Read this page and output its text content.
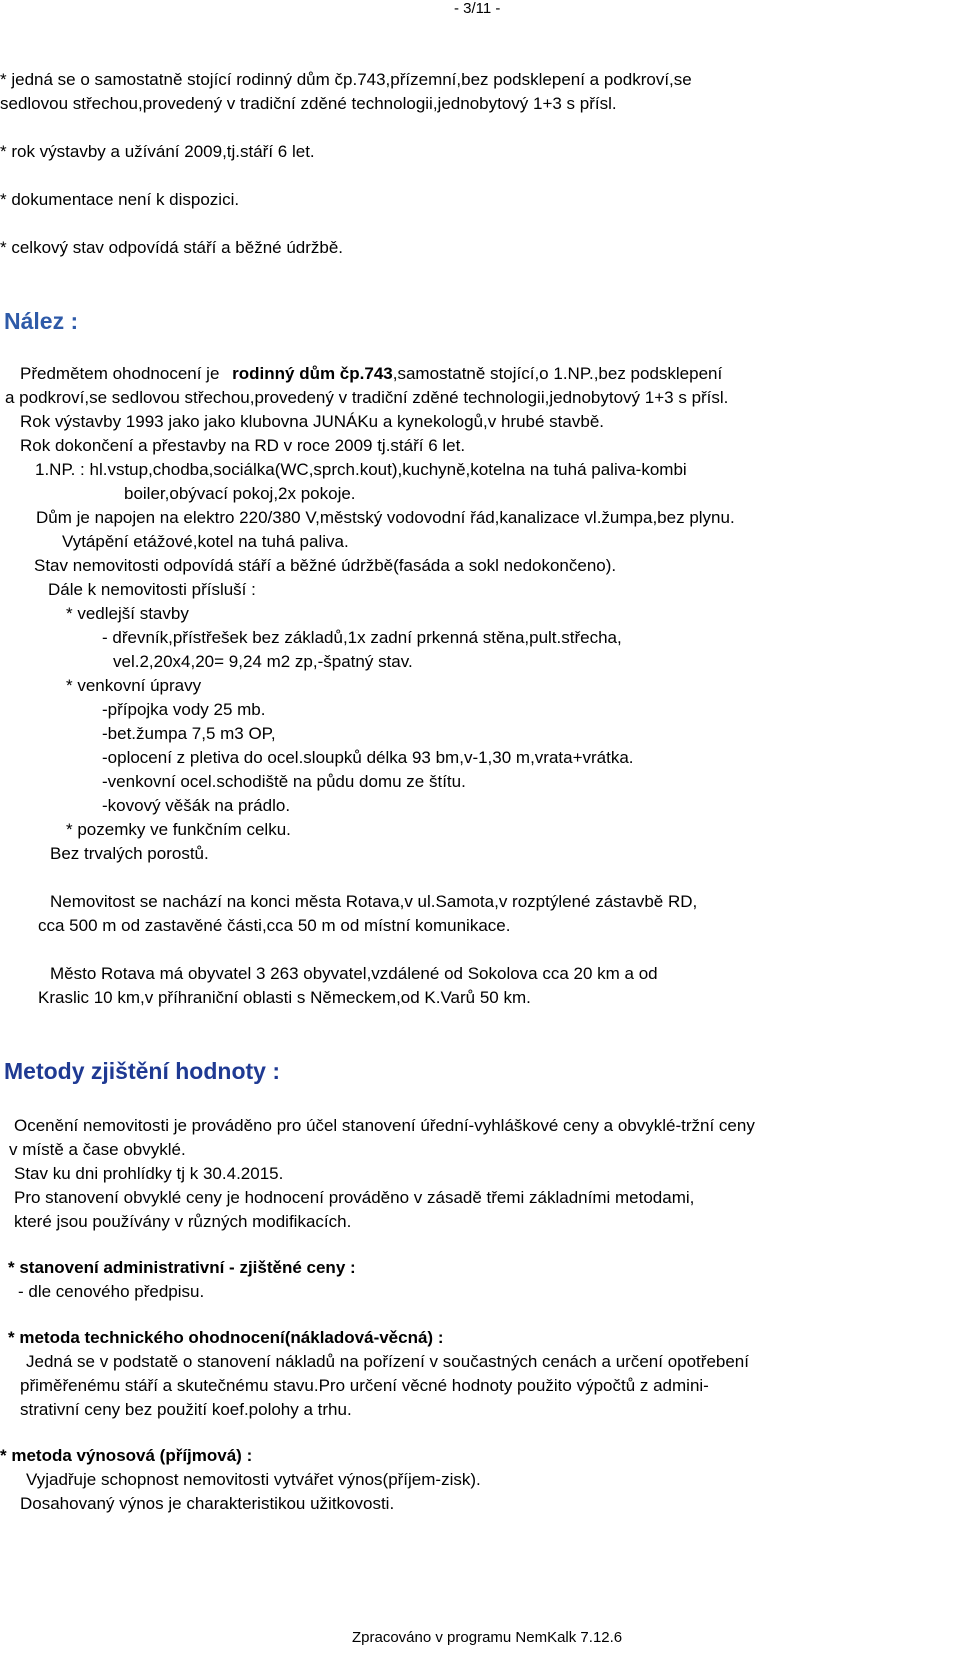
- 3/11 -
* jedná se o samostatně stojící rodinný dům čp.743,přízemní,bez podsklepení a podkroví,se
sedlovou střechou,provedený v tradiční zděné technologii,jednobytový 1+3 s přísl.
* rok výstavby a užívání 2009,tj.stáří 6 let.
* dokumentace není k dispozici.
* celkový stav odpovídá stáří a běžné údržbě.
Nález :
Předmětem ohodnocení je rodinný dům čp.743,samostatně stojící,o 1.NP.,bez podsklepení
a podkroví,se sedlovou střechou,provedený v tradiční zděné technologii,jednobytový 1+3 s přísl.
Rok výstavby 1993 jako jako klubovna JUNÁKu a kynekologů,v hrubé stavbě.
Rok dokončení a přestavby na RD v roce 2009 tj.stáří 6 let.
1.NP. : hl.vstup,chodba,sociálka(WC,sprch.kout),kuchyně,kotelna na tuhá paliva-kombi
boiler,obývací pokoj,2x pokoje.
Dům je napojen na elektro 220/380 V,městský vodovodní řád,kanalizace vl.žumpa,bez plynu.
Vytápění etážové,kotel na tuhá paliva.
Stav nemovitosti odpovídá stáří a běžné údržbě(fasáda a sokl nedokončeno).
Dále k nemovitosti přísluší :
* vedlejší stavby
- dřevník,přístřešek bez základů,1x zadní prkenná stěna,pult.střecha,
vel.2,20x4,20= 9,24 m2 zp,-špatný stav.
* venkovní úpravy
-přípojka vody 25 mb.
-bet.žumpa 7,5 m3 OP,
-oplocení z pletiva do ocel.sloupků délka 93 bm,v-1,30 m,vrata+vrátka.
-venkovní ocel.schodiště na půdu domu ze štítu.
-kovový věšák na prádlo.
* pozemky ve funkčním celku.
Bez trvalých porostů.
Nemovitost se nachází na konci města Rotava,v ul.Samota,v rozptýlené zástavbě RD,
cca 500 m od zastavěné části,cca 50 m od místní komunikace.
Město Rotava má obyvatel 3 263 obyvatel,vzdálené od Sokolova cca 20 km a od
Kraslic 10 km,v příhraniční oblasti s Německem,od K.Varů 50 km.
Metody zjištění hodnoty :
Ocenění nemovitosti je prováděno pro účel stanovení úřední-vyhláškové ceny a obvyklé-tržní ceny
v místě a čase obvyklé.
Stav ku dni prohlídky tj k 30.4.2015.
Pro stanovení obvyklé ceny je hodnocení prováděno v zásadě třemi základními metodami,
které jsou používány v různých modifikacích.
* stanovení administrativní - zjištěné ceny :
- dle cenového předpisu.
* metoda technického ohodnocení(nákladová-věcná) :
Jedná se v podstatě o stanovení nákladů na pořízení v součastných cenách a určení opotřebení
přiměřenému stáří a skutečnému stavu.Pro určení věcné hodnoty použito výpočtů z admini-
strativní ceny bez použití koef.polohy a trhu.
* metoda výnosová (příjmová) :
Vyjadřuje schopnost nemovitosti vytvářet výnos(příjem-zisk).
Dosahovaný výnos je charakteristikou užitkovosti.
Zpracováno v programu NemKalk 7.12.6
